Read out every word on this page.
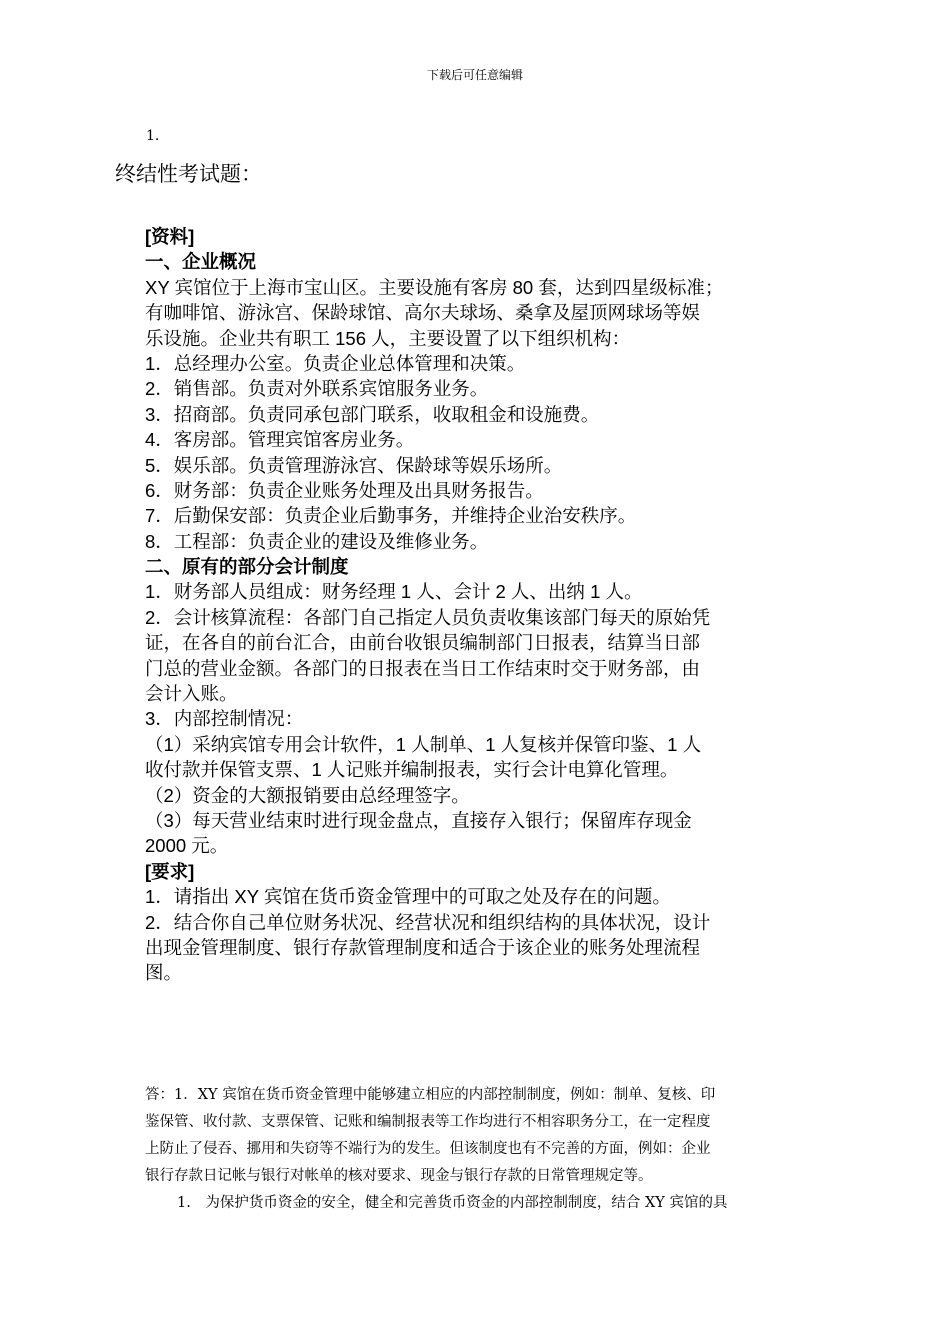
下载后可任意编辑
1.
终结性考试题：
[资料]
一、企业概况
XY 宾馆位于上海市宝山区。主要设施有客房 80 套，达到四星级标准；
有咖啡馆、游泳宫、保龄球馆、高尔夫球场、桑拿及屋顶网球场等娱
乐设施。企业共有职工 156 人，主要设置了以下组织机构：
1．总经理办公室。负责企业总体管理和决策。
2．销售部。负责对外联系宾馆服务业务。
3．招商部。负责同承包部门联系，收取租金和设施费。
4．客房部。管理宾馆客房业务。
5．娱乐部。负责管理游泳宫、保龄球等娱乐场所。
6．财务部：负责企业账务处理及出具财务报告。
7．后勤保安部：负责企业后勤事务，并维持企业治安秩序。
8．工程部：负责企业的建设及维修业务。
二、原有的部分会计制度
1．财务部人员组成：财务经理 1 人、会计 2 人、出纳 1 人。
2．会计核算流程：各部门自己指定人员负责收集该部门每天的原始凭
证，在各自的前台汇合，由前台收银员编制部门日报表，结算当日部
门总的营业金额。各部门的日报表在当日工作结束时交于财务部，由
会计入账。
3．内部控制情况：
（1）采纳宾馆专用会计软件，1 人制单、1 人复核并保管印鉴、1 人
收付款并保管支票、1 人记账并编制报表，实行会计电算化管理。
（2）资金的大额报销要由总经理签字。
（3）每天营业结束时进行现金盘点，直接存入银行；保留库存现金
2000 元。
[要求]
1．请指出 XY 宾馆在货币资金管理中的可取之处及存在的问题。
2．结合你自己单位财务状况、经营状况和组织结构的具体状况，设计
出现金管理制度、银行存款管理制度和适合于该企业的账务处理流程
图。
答：1．XY 宾馆在货币资金管理中能够建立相应的内部控制制度，例如：制单、复核、印
鉴保管、收付款、支票保管、记账和编制报表等工作均进行不相容职务分工，在一定程度
上防止了侵吞、挪用和失窃等不端行为的发生。但该制度也有不完善的方面，例如：企业
银行存款日记帐与银行对帐单的核对要求、现金与银行存款的日常管理规定等。
1.　为保护货币资金的安全，健全和完善货币资金的内部控制制度，结合 XY 宾馆的具
